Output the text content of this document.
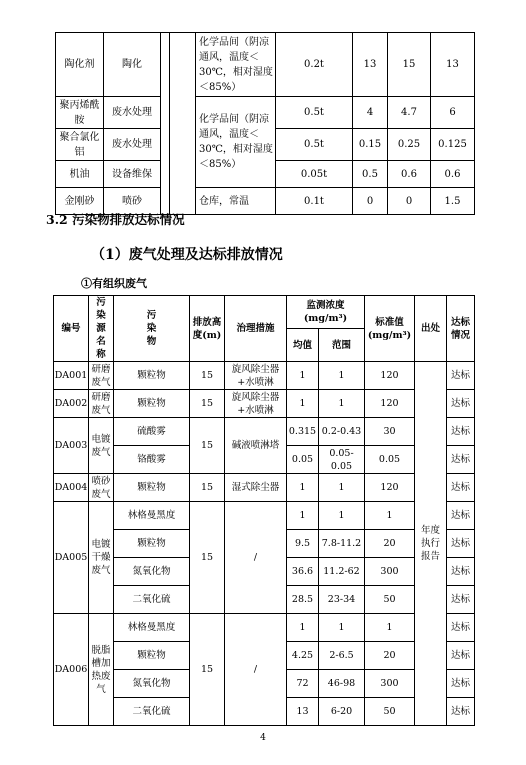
陶化剂	陶化			化学品间（阴凉通风，温度＜30℃，相对湿度＜85%）	0.2t	13	15	13
聚丙烯酰胺	废水处理			化学品间（阴凉通风，温度＜30℃，相对湿度＜85%）	0.5t	4	4.7	6
聚合氯化铝	废水处理				0.5t	0.15	0.25	0.125
机油	设备维保				0.05t	0.5	0.6	0.6
金刚砂	喷砂			仓库，常温	0.1t	0	0	1.5
3.2 污染物排放达标情况
（1）废气处理及达标排放情况
①有组织废气
编号	污染源名称	污染物	排放高度(m)	治理措施	监测浓度(mg/m³)		标准值(mg/m³)	出处	达标情况
					均值	范围			
DA001	研磨废气	颗粒物	15	旋风除尘器+水喷淋	1	1	120	年度执行报告	达标
DA002	研磨废气	颗粒物	15	旋风除尘器+水喷淋	1	1	120		达标
DA003	电镀废气	硫酸雾	15	碱液喷淋塔	0.315	0.2-0.43	30		达标
		铬酸雾			0.05	0.05-0.05	0.05		达标
DA004	喷砂废气	颗粒物	15	湿式除尘器	1	1	120		达标
DA005	电镀干燥废气	林格曼黑度	15	/	1	1	1		达标
		颗粒物			9.5	7.8-11.2	20		达标
		氮氧化物			36.6	11.2-62	300		达标
		二氧化硫			28.5	23-34	50		达标
DA006	脱脂槽加热废气	林格曼黑度	15	/	1	1	1		达标
		颗粒物			4.25	2-6.5	20		达标
		氮氧化物			72	46-98	300		达标
		二氧化硫			13	6-20	50		达标
4
